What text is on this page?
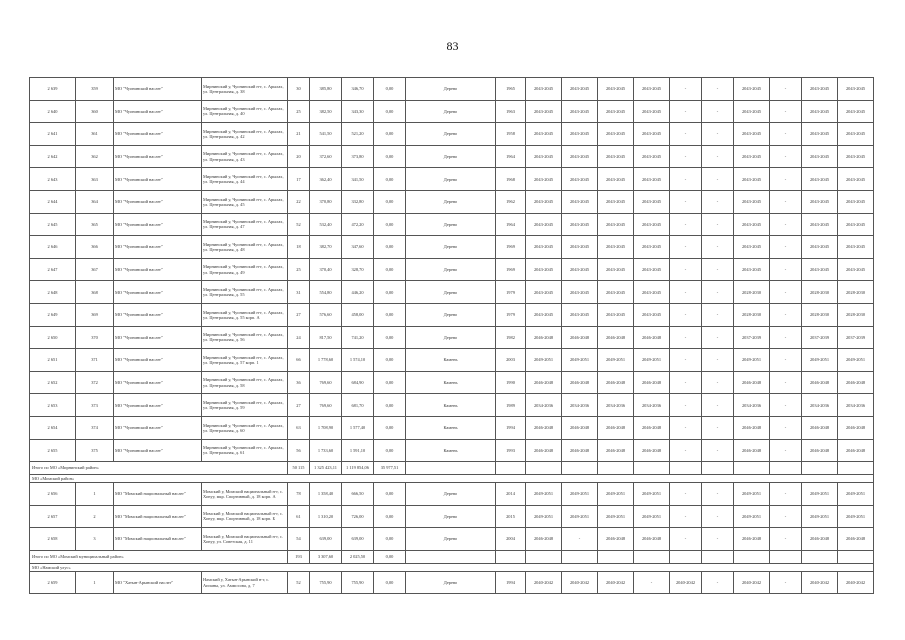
83
2 639	359	МО "Чуонинский наслег"	Мирнинский у, Чуонинский н-г, с. Арылах, ул. Центральная, д. 38	30	385,80	346,70	0,00	Дерево	1965	2043-2045	2043-2045	2043-2045	2043-2045	-	-	2043-2045	-	2043-2045	2043-2045
2 640	360	МО "Чуонинский наслег"	Мирнинский у, Чуонинский н-г, с. Арылах, ул. Центральная, д. 40	25	382,50	343,30	0,00	Дерево	1963	2043-2045	2043-2045	2043-2045	2043-2045	-	-	2043-2045	-	2043-2045	2043-2045
2 641	361	МО "Чуонинский наслег"	Мирнинский у, Чуонинский н-г, с. Арылах, ул. Центральная, д. 42	21	541,50	521,20	0,00	Дерево	1958	2043-2045	2043-2045	2043-2045	2043-2045	-	-	2043-2045	-	2043-2045	2043-2045
2 642	362	МО "Чуонинский наслег"	Мирнинский у, Чуонинский н-г, с. Арылах, ул. Центральная, д. 43	20	372,60	373,80	0,00	Дерево	1964	2043-2045	2043-2045	2043-2045	2043-2045	-	-	2043-2045	-	2043-2045	2043-2045
2 643	363	МО "Чуонинский наслег"	Мирнинский у, Чуонинский н-г, с. Арылах, ул. Центральная, д. 44	17	362,40	341,50	0,00	Дерево	1968	2043-2045	2043-2045	2043-2045	2043-2045	-	-	2043-2045	-	2043-2045	2043-2045
2 644	364	МО "Чуонинский наслег"	Мирнинский у, Чуонинский н-г, с. Арылах, ул. Центральная, д. 45	22	370,80	332,80	0,00	Дерево	1962	2043-2045	2043-2045	2043-2045	2043-2045	-	-	2043-2045	-	2043-2045	2043-2045
2 645	365	МО "Чуонинский наслег"	Мирнинский у, Чуонинский н-г, с. Арылах, ул. Центральная, д. 47	52	532,40	472,20	0,00	Дерево	1964	2043-2045	2043-2045	2043-2045	2043-2045	-	-	2043-2045	-	2043-2045	2043-2045
2 646	366	МО "Чуонинский наслег"	Мирнинский у, Чуонинский н-г, с. Арылах, ул. Центральная, д. 48	18	382,70	347,60	0,00	Дерево	1969	2043-2045	2043-2045	2043-2045	2043-2045	-	-	2043-2045	-	2043-2045	2043-2045
2 647	367	МО "Чуонинский наслег"	Мирнинский у, Чуонинский н-г, с. Арылах, ул. Центральная, д. 49	25	370,40	328,70	0,00	Дерево	1969	2043-2045	2043-2045	2043-2045	2043-2045	-	-	2043-2045	-	2043-2045	2043-2045
2 648	368	МО "Чуонинский наслег"	Мирнинский у, Чуонинский н-г, с. Арылах, ул. Центральная, д. 55	31	554,80	446,20	0,00	Дерево	1979	2043-2045	2043-2045	2043-2045	2043-2045	-	-	2028-2030	-	2028-2030	2028-2030
2 649	369	МО "Чуонинский наслег"	Мирнинский у, Чуонинский н-г, с. Арылах, ул. Центральная, д. 55 корп. А	27	576,60	458,00	0,00	Дерево	1979	2043-2045	2043-2045	2043-2045	2043-2045	-	-	2028-2030	-	2028-2030	2028-2030
2 650	370	МО "Чуонинский наслег"	Мирнинский у, Чуонинский н-г, с. Арылах, ул. Центральная, д. 56	24	817,50	741,20	0,00	Дерево	1982	2046-2048	2046-2048	2046-2048	2046-2048	-	-	2037-2039	-	2037-2039	2037-2039
2 651	371	МО "Чуонинский наслег"	Мирнинский у, Чуонинский н-г, с. Арылах, ул. Центральная, д. 57 корп. 1	66	1 778,60	1 574,10	0,00	Камень	2003	2049-2051	2049-2051	2049-2051	2049-2051	-	-	2049-2051	-	2049-2051	2049-2051
2 652	372	МО "Чуонинский наслег"	Мирнинский у, Чуонинский н-г, с. Арылах, ул. Центральная, д. 58	36	769,60	684,90	0,00	Камень	1990	2046-2048	2046-2048	2046-2048	2046-2048	-	-	2046-2048	-	2046-2048	2046-2048
2 653	373	МО "Чуонинский наслег"	Мирнинский у, Чуонинский н-г, с. Арылах, ул. Центральная, д. 59	27	769,60	681,70	0,00	Камень	1989	2034-2036	2034-2036	2034-2036	2034-2036	-	-	2034-2036	-	2034-2036	2034-2036
2 654	374	МО "Чуонинский наслег"	Мирнинский у, Чуонинский н-г, с. Арылах, ул. Центральная, д. 60	63	1 708,90	1 577,40	0,00	Камень	1994	2046-2048	2046-2048	2046-2048	2046-2048	-	-	2046-2048	-	2046-2048	2046-2048
2 655	375	МО "Чуонинский наслег"	Мирнинский у, Чуонинский н-г, с. Арылах, ул. Центральная, д. 61	56	1 733,60	1 591,10	0,00	Камень	1993	2046-2048	2046-2048	2046-2048	2046-2048	-	-	2046-2048	-	2046-2048	2046-2048
Итого по МО «Мирнинский район»				50 115	1 325 423,11	1 119 854,06	35 977,51												
МО «Момский район»																			
2 656	1	МО "Момский национальный наслег"	Момский у, Момский национальный н-г, с. Хонуу, мкр. Спортивный, д. 18 корп. А	78	1 358,40	666,50	0,00	Дерево	2014	2049-2051	2049-2051	2049-2051	2049-2051	-	-	2049-2051	-	2049-2051	2049-2051
2 657	2	МО "Момский национальный наслег"	Момский у, Момский национальный н-г, с. Хонуу, мкр. Спортивный, д. 18 корп. Б	61	1 310,20	726,00	0,00	Дерево	2015	2049-2051	2049-2051	2049-2051	2049-2051	-	-	2049-2051	-	2049-2051	2049-2051
2 658	3	МО "Момский национальный наслег"	Момский у, Момский национальный н-г, с. Хонуу, ул. Советская, д. 11	54	639,00	639,00	0,00	Дерево	2004	2046-2048	-	2046-2048	2046-2048	-	-	2046-2048	-	2046-2048	2046-2048
Итого по МО «Момский муниципальный район»				193	3 307,60	2 025,50	0,00												
МО «Намский улус»																			
2 659	1	МО "Хатын-Арынский наслег"	Намский у, Хатын-Арынский н-г, с. Аппаны, ул. Аммосова, д. 7	52	755,90	755,90	0,00	Дерево	1994	2040-2042	2040-2042	2040-2042	-	2040-2042	-	2040-2042	-	2040-2042	2040-2042
